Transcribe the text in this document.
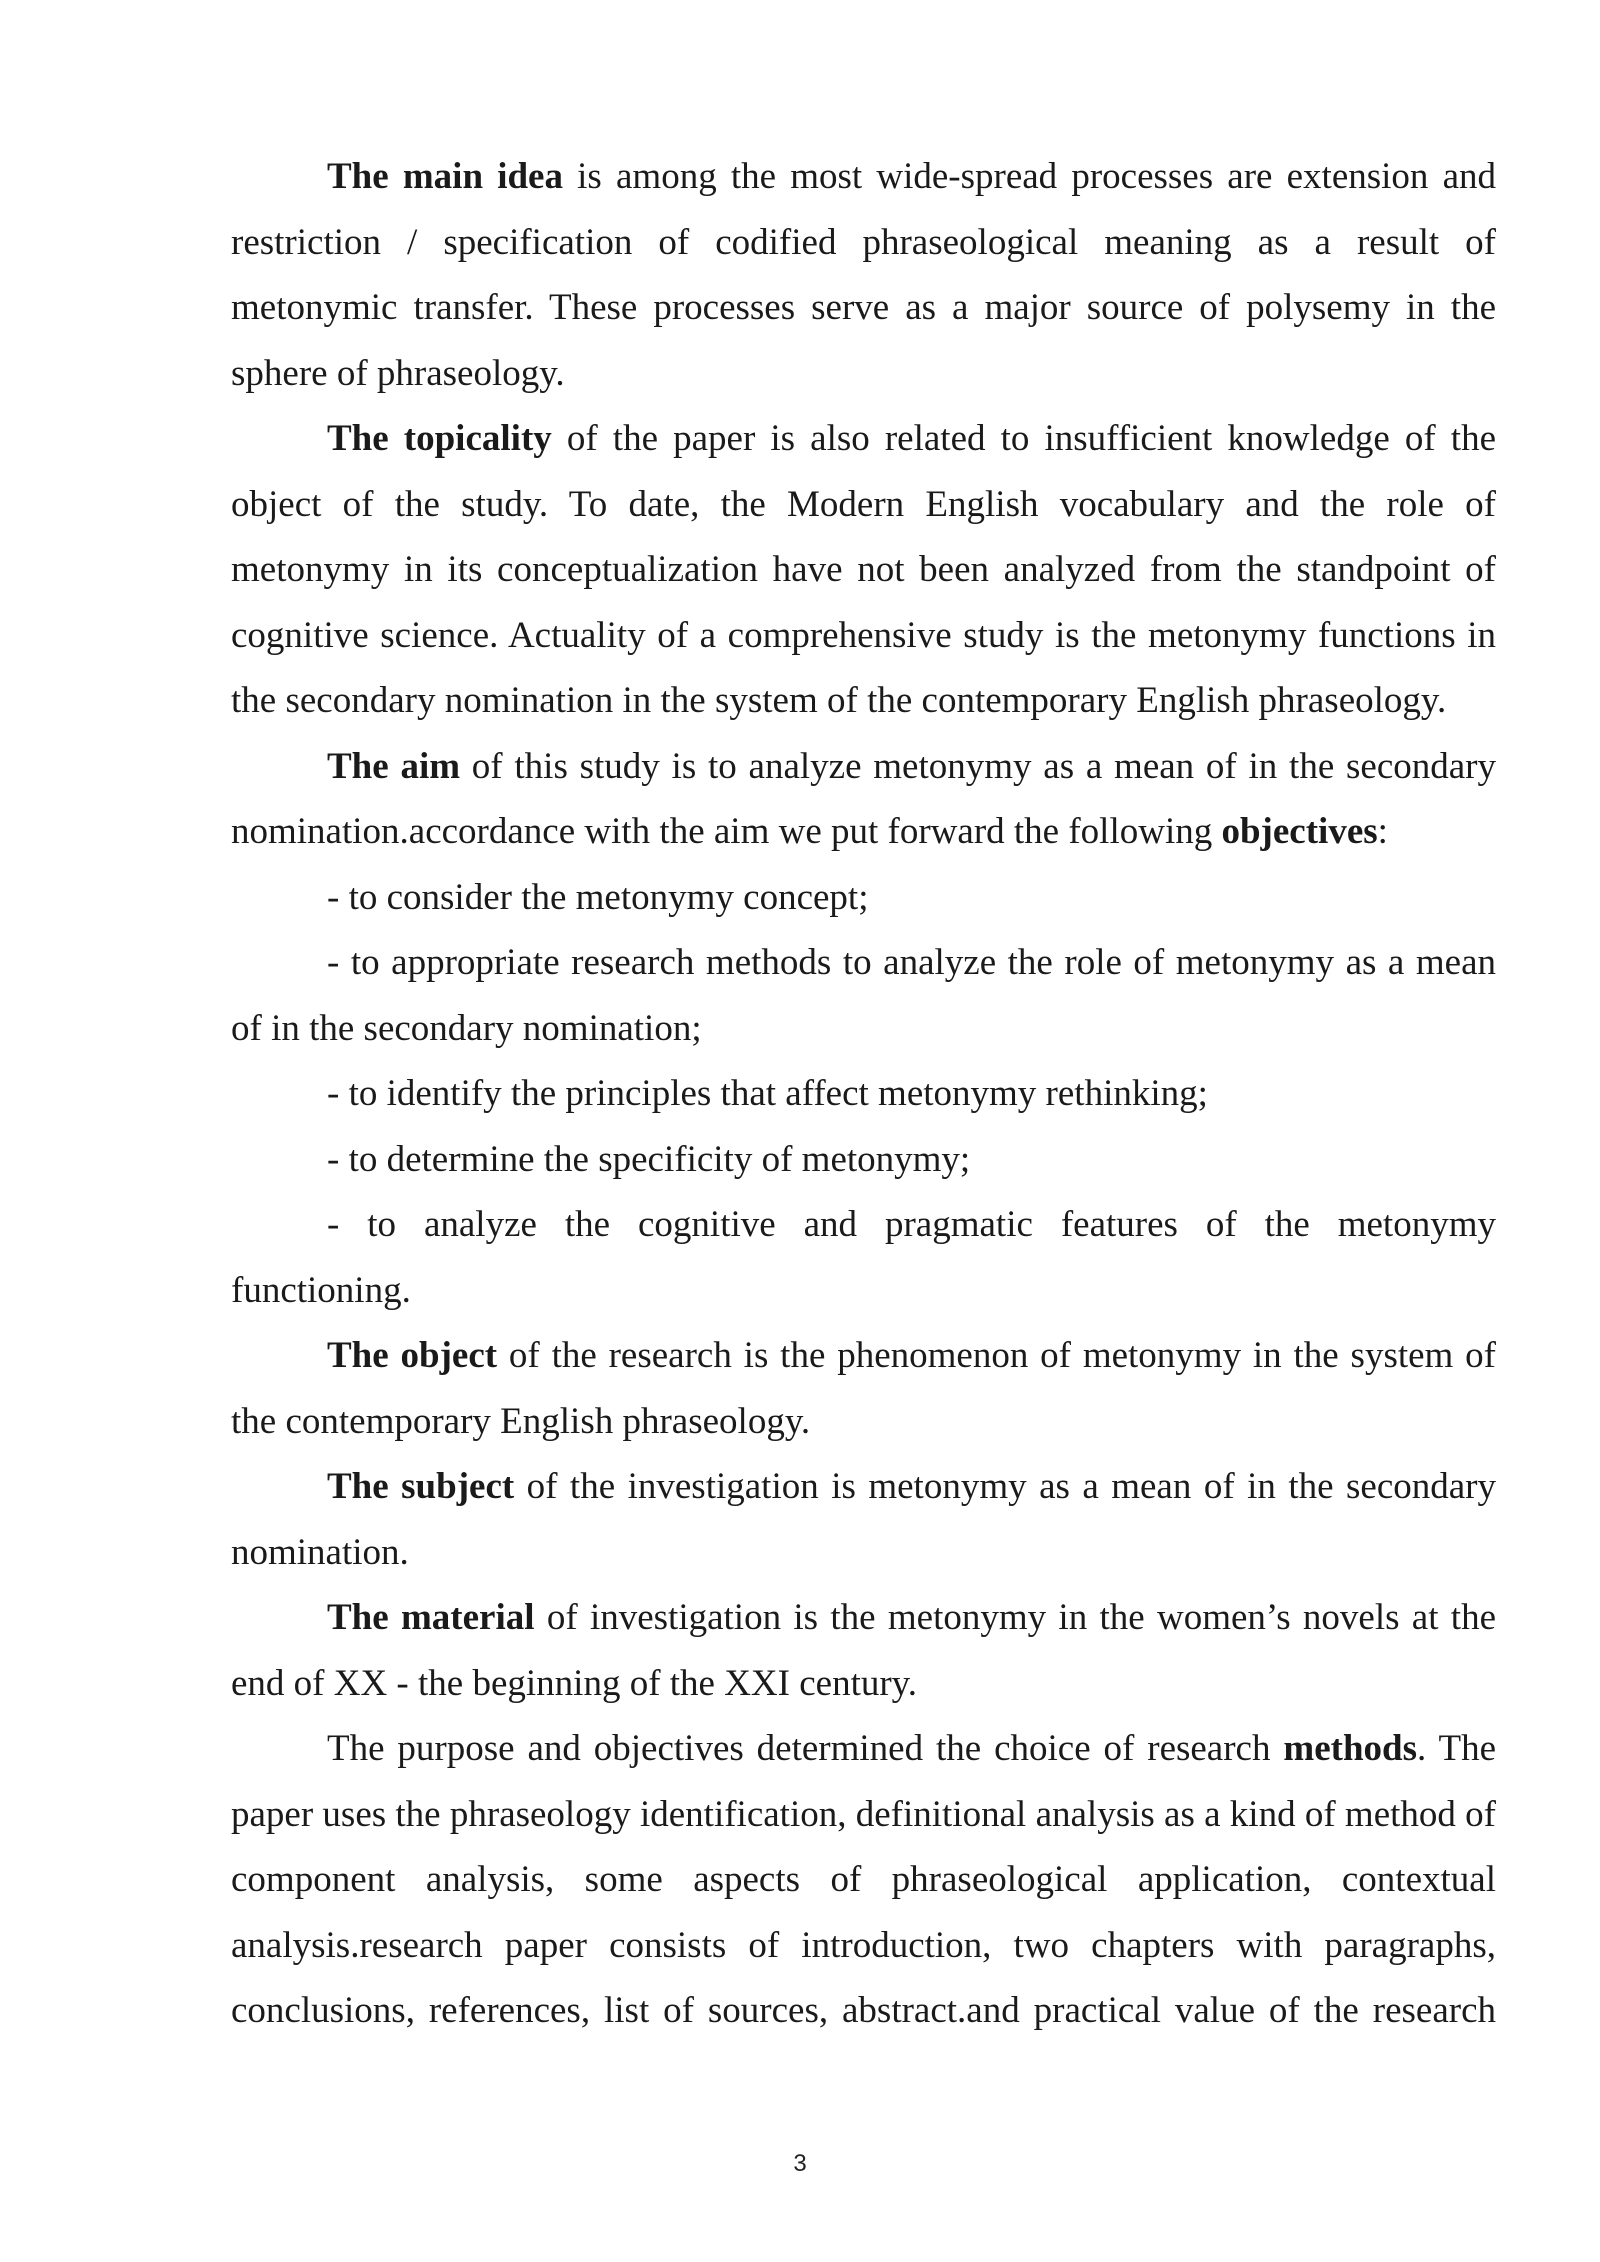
The main idea is among the most wide-spread processes are extension and restriction / specification of codified phraseological meaning as a result of metonymic transfer. These processes serve as a major source of polysemy in the sphere of phraseology.

The topicality of the paper is also related to insufficient knowledge of the object of the study. To date, the Modern English vocabulary and the role of metonymy in its conceptualization have not been analyzed from the standpoint of cognitive science. Actuality of a comprehensive study is the metonymy functions in the secondary nomination in the system of the contemporary English phraseology.

The aim of this study is to analyze metonymy as a mean of in the secondary nomination.accordance with the aim we put forward the following objectives:

- to consider the metonymy concept;

- to appropriate research methods to analyze the role of metonymy as a mean of in the secondary nomination;

- to identify the principles that affect metonymy rethinking;

- to determine the specificity of metonymy;

- to analyze the cognitive and pragmatic features of the metonymy functioning.

The object of the research is the phenomenon of metonymy in the system of the contemporary English phraseology.

The subject of the investigation is metonymy as a mean of in the secondary nomination.

The material of investigation is the metonymy in the women’s novels at the end of XX - the beginning of the XXI century.

The purpose and objectives determined the choice of research methods. The paper uses the phraseology identification, definitional analysis as a kind of method of component analysis, some aspects of phraseological application, contextual analysis.research paper consists of introduction, two chapters with paragraphs, conclusions, references, list of sources, abstract.and practical value of the research

3
